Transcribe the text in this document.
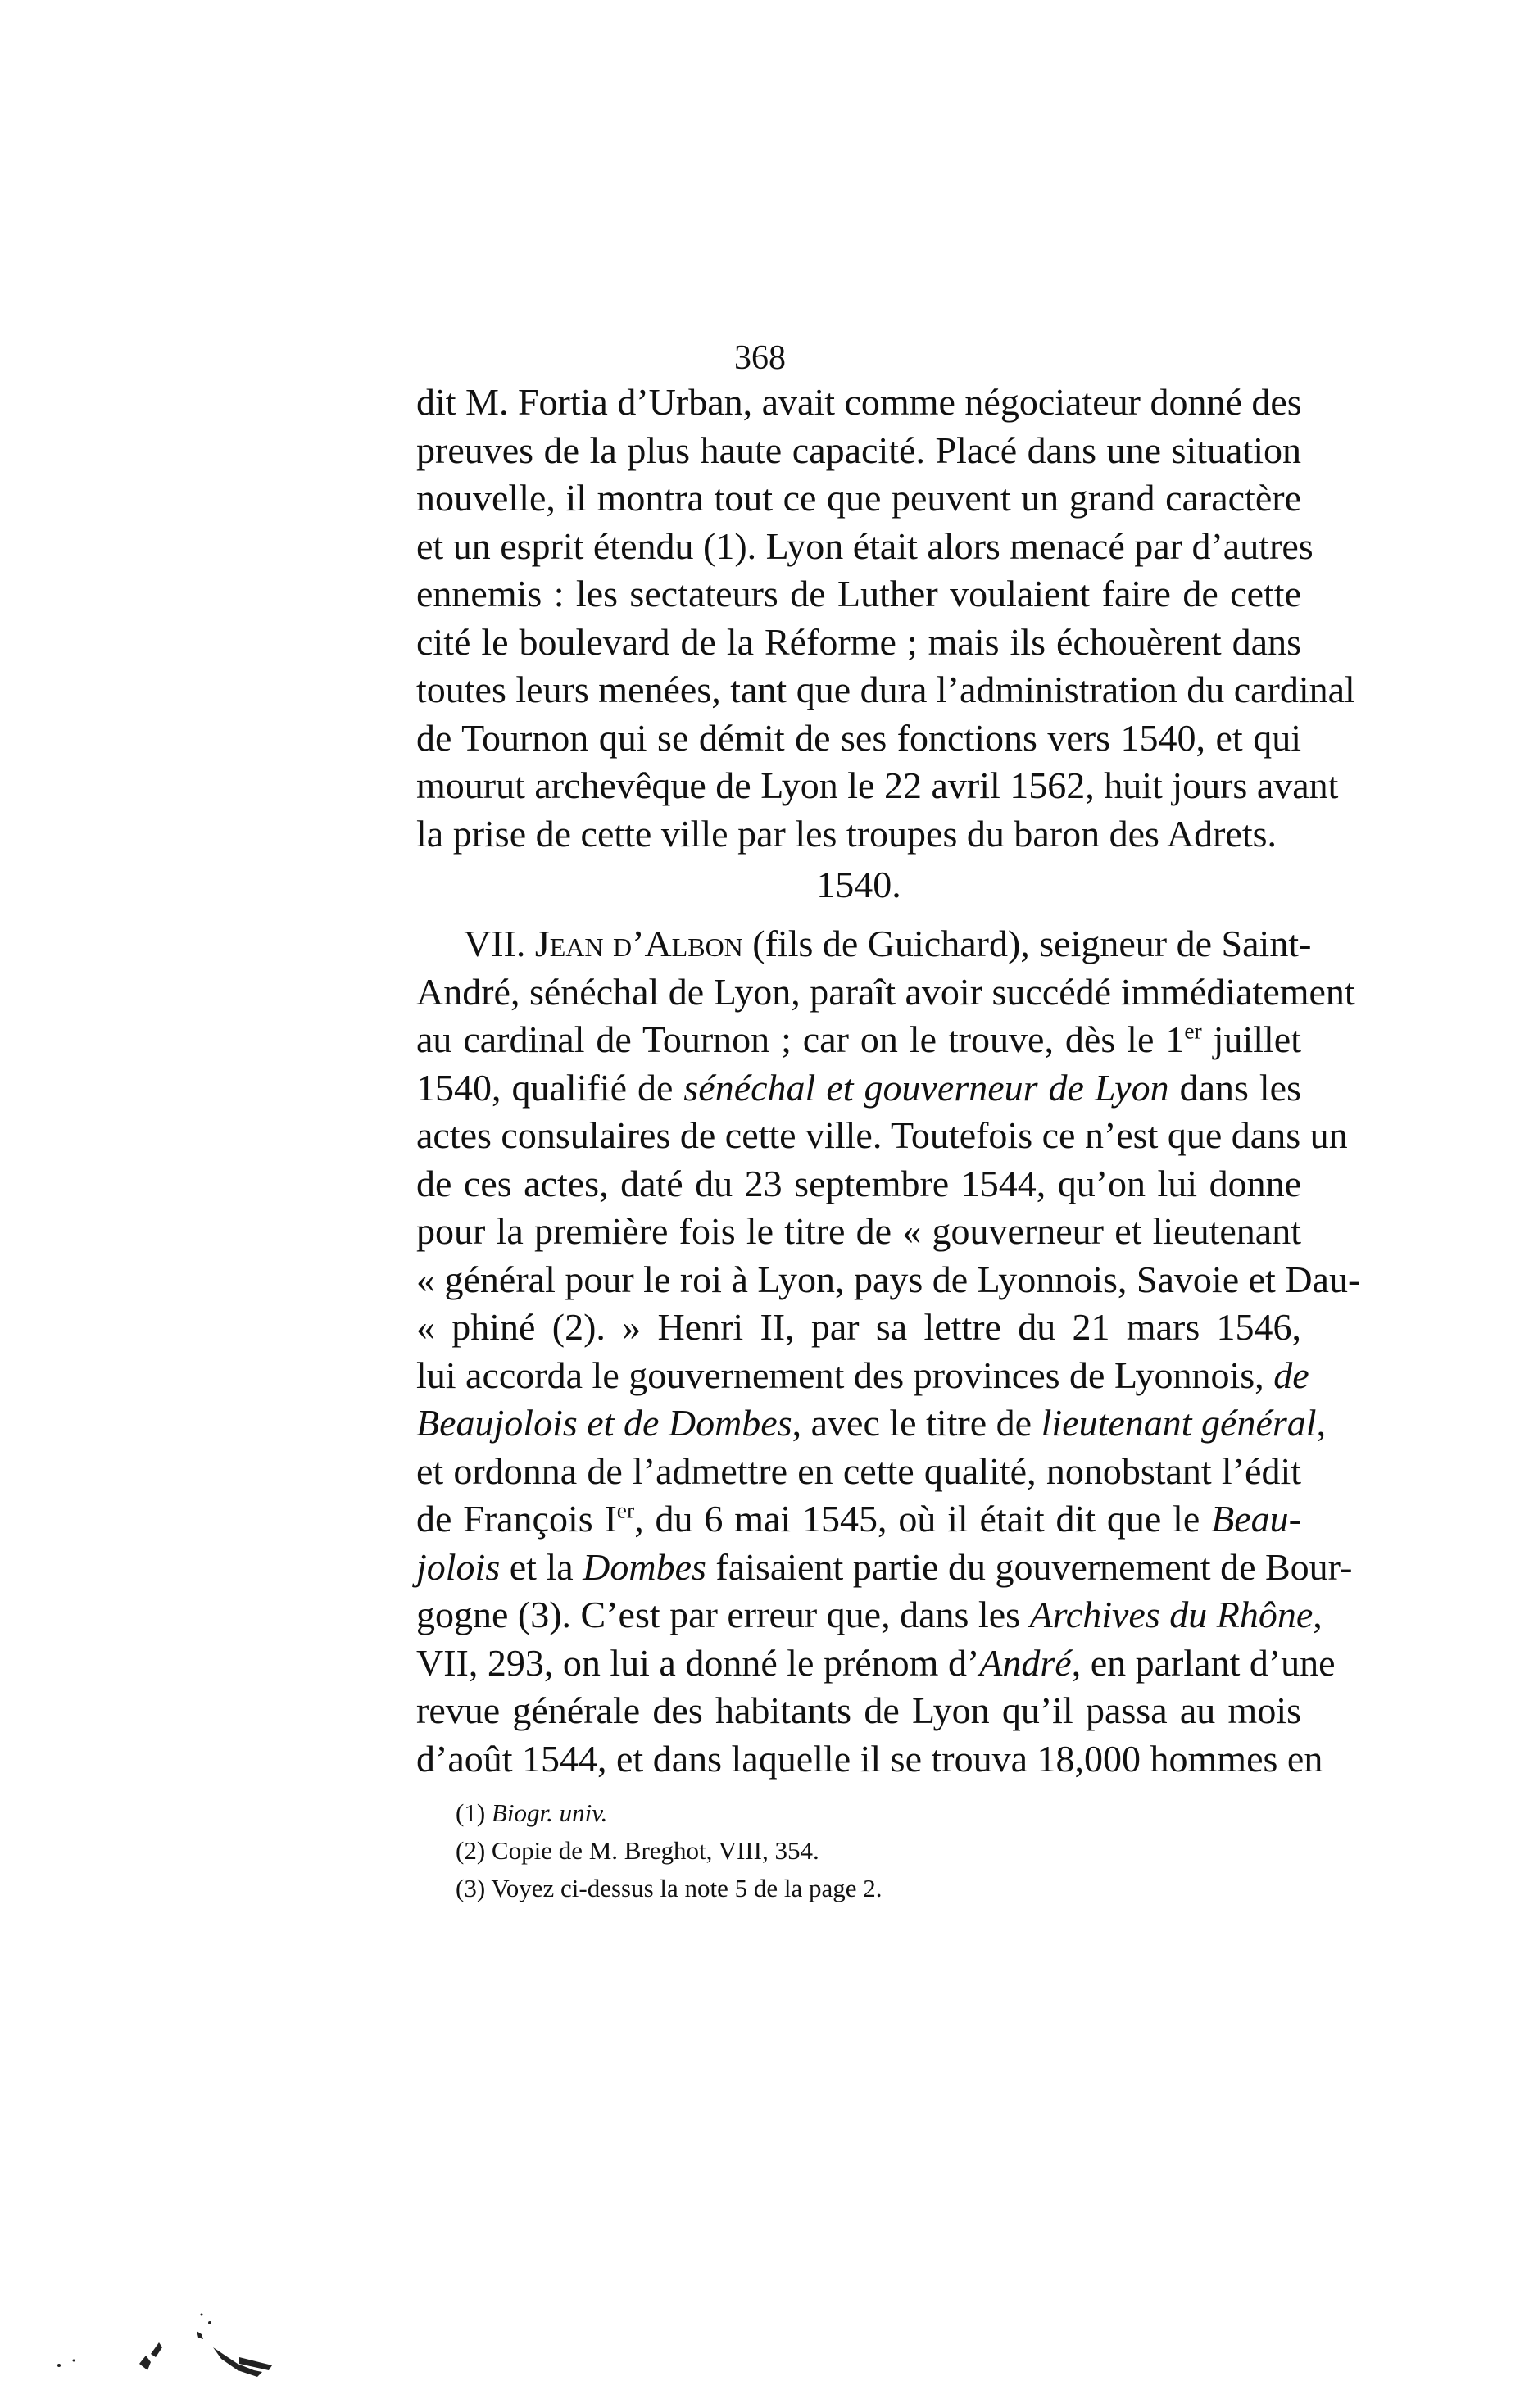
368
dit M. Fortia d’Urban, avait comme négociateur donné des
preuves de la plus haute capacité. Placé dans une situation
nouvelle, il montra tout ce que peuvent un grand caractère
et un esprit étendu (1). Lyon était alors menacé par d’autres
ennemis : les sectateurs de Luther voulaient faire de cette
cité le boulevard de la Réforme ; mais ils échouèrent dans
toutes leurs menées, tant que dura l’administration du cardinal
de Tournon qui se démit de ses fonctions vers 1540, et qui
mourut archevêque de Lyon le 22 avril 1562, huit jours avant
la prise de cette ville par les troupes du baron des Adrets.
1540.
VII. Jean d’Albon (fils de Guichard), seigneur de Saint-
André, sénéchal de Lyon, paraît avoir succédé immédiatement
au cardinal de Tournon ; car on le trouve, dès le 1er juillet
1540, qualifié de sénéchal et gouverneur de Lyon dans les
actes consulaires de cette ville. Toutefois ce n’est que dans un
de ces actes, daté du 23 septembre 1544, qu’on lui donne
pour la première fois le titre de « gouverneur et lieutenant
« général pour le roi à Lyon, pays de Lyonnois, Savoie et Dau-
« phiné (2). » Henri II, par sa lettre du 21 mars 1546,
lui accorda le gouvernement des provinces de Lyonnois, de
Beaujolois et de Dombes, avec le titre de lieutenant général,
et ordonna de l’admettre en cette qualité, nonobstant l’édit
de François Ier, du 6 mai 1545, où il était dit que le Beau-
jolois et la Dombes faisaient partie du gouvernement de Bour-
gogne (3). C’est par erreur que, dans les Archives du Rhône,
VII, 293, on lui a donné le prénom d’André, en parlant d’une
revue générale des habitants de Lyon qu’il passa au mois
d’août 1544, et dans laquelle il se trouva 18,000 hommes en
(1) Biogr. univ.
(2) Copie de M. Breghot, VIII, 354.
(3) Voyez ci-dessus la note 5 de la page 2.
